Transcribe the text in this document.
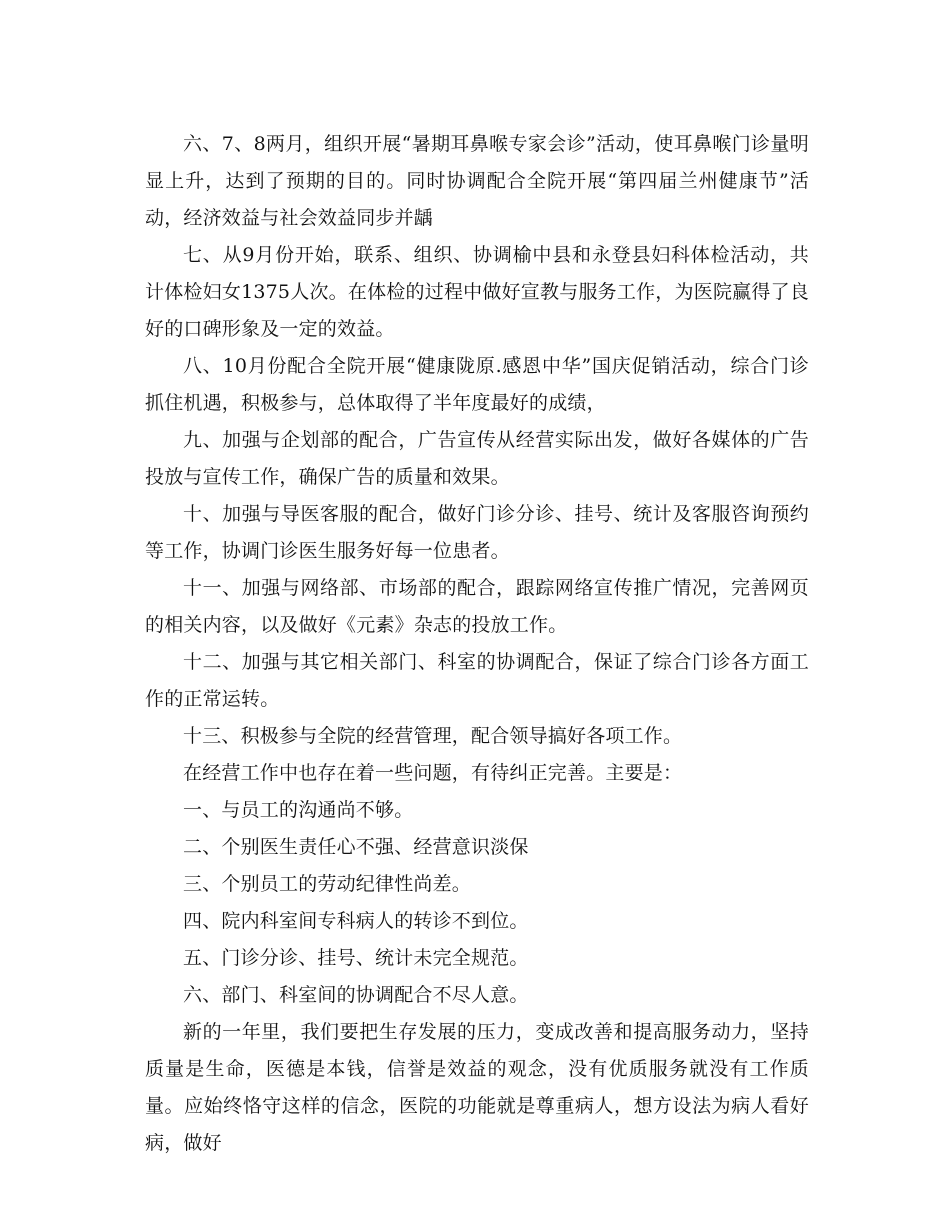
六、7、8两月，组织开展“暑期耳鼻喉专家会诊”活动，使耳鼻喉门诊量明显上升，达到了预期的目的。同时协调配合全院开展“第四届兰州健康节”活动，经济效益与社会效益同步并龋

七、从9月份开始，联系、组织、协调榆中县和永登县妇科体检活动，共计体检妇女1375人次。在体检的过程中做好宣教与服务工作，为医院赢得了良好的口碑形象及一定的效益。

八、10月份配合全院开展“健康陇原.感恩中华”国庆促销活动，综合门诊抓住机遇，积极参与，总体取得了半年度最好的成绩，

九、加强与企划部的配合，广告宣传从经营实际出发，做好各媒体的广告投放与宣传工作，确保广告的质量和效果。

十、加强与导医客服的配合，做好门诊分诊、挂号、统计及客服咨询预约等工作，协调门诊医生服务好每一位患者。

十一、加强与网络部、市场部的配合，跟踪网络宣传推广情况，完善网页的相关内容，以及做好《元素》杂志的投放工作。

十二、加强与其它相关部门、科室的协调配合，保证了综合门诊各方面工作的正常运转。

十三、积极参与全院的经营管理，配合领导搞好各项工作。

在经营工作中也存在着一些问题，有待纠正完善。主要是：

一、与员工的沟通尚不够。

二、个别医生责任心不强、经营意识淡保

三、个别员工的劳动纪律性尚差。

四、院内科室间专科病人的转诊不到位。

五、门诊分诊、挂号、统计未完全规范。

六、部门、科室间的协调配合不尽人意。

新的一年里，我们要把生存发展的压力，变成改善和提高服务动力，坚持质量是生命，医德是本钱，信誉是效益的观念，没有优质服务就没有工作质量。应始终恪守这样的信念，医院的功能就是尊重病人，想方设法为病人看好病，做好
